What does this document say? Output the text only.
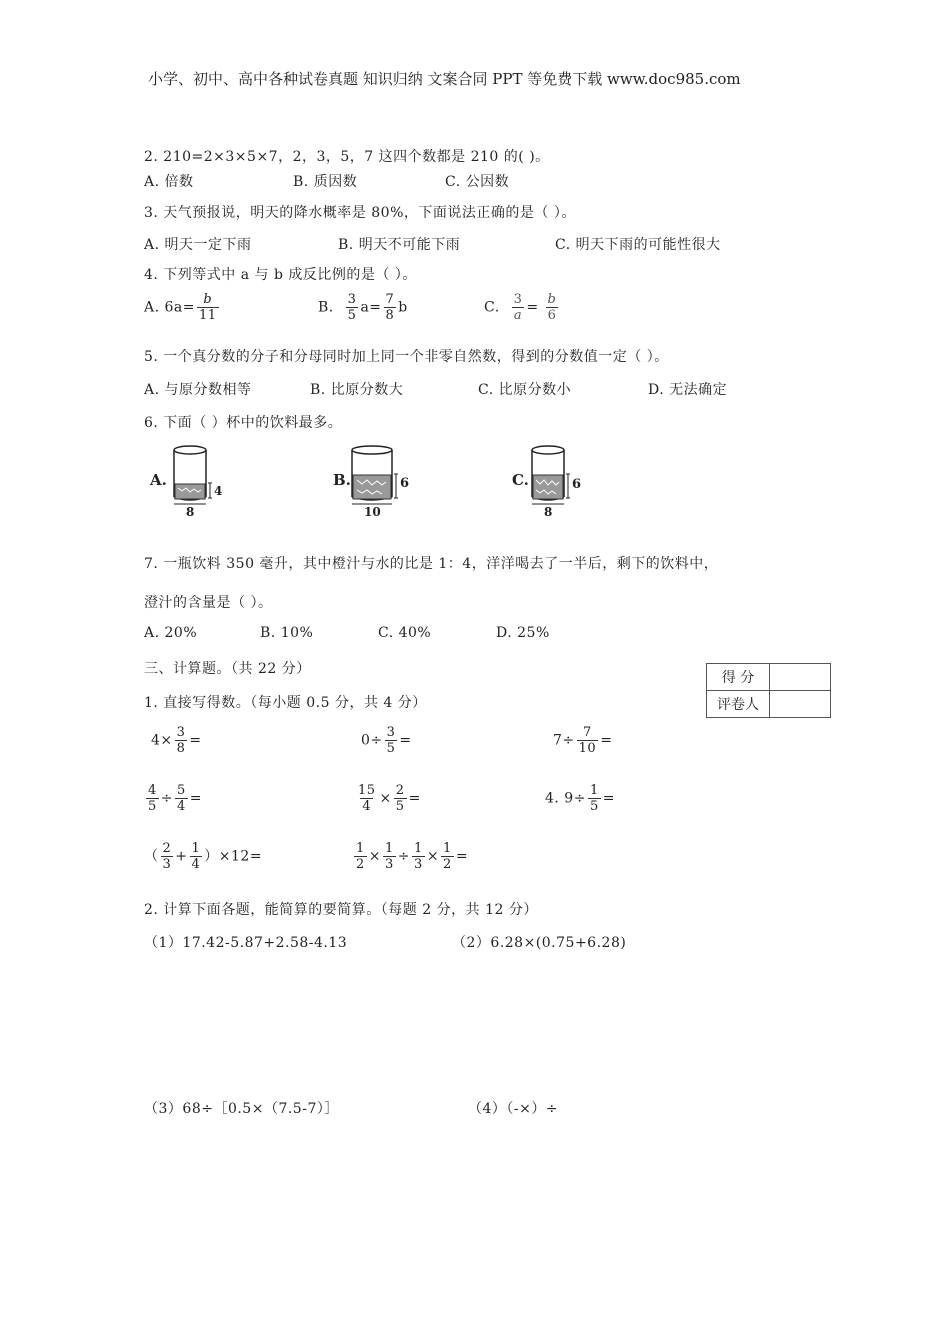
小学、初中、高中各种试卷真题 知识归纳 文案合同 PPT 等免费下载 www.doc985.com
2. 210=2×3×5×7，2，3，5，7 这四个数都是 210 的( )。
A. 倍数	B. 质因数	C. 公因数
3. 天气预报说，明天的降水概率是 80%，下面说法正确的是（ ）。
A. 明天一定下雨	B. 明天不可能下雨	C. 明天下雨的可能性很大
4. 下列等式中 a 与 b 成反比例的是（ ）。
A. $6a= \frac{b}{11}$	B. $\frac{3}{5} a= \frac{7}{8}$ b	C. $\frac{3}{a} = \frac{b}{6}$
5. 一个真分数的分子和分母同时加上同一个非零自然数，得到的分数值一定（ ）。
A. 与原分数相等	B. 比原分数大	C. 比原分数小	D. 无法确定
6. 下面（ ）杯中的饮料最多。
A.
4
8
B.	6
10
C.	6
8
7. 一瓶饮料 350 毫升，其中橙汁与水的比是 1：4，洋洋喝去了一半后，剩下的饮料中，
澄汁的含量是（ ）。
A. 20%	B. 10%	C. 40%	D. 25%
三、计算题。（共 22 分）
得 分	
评卷人	
1. 直接写得数。（每小题 0.5 分，共 4 分）
$4\times \frac{3}{8}$ =	$0\div \frac{3}{5}$ =	$7\div \frac{7}{10}$ =
$\frac{4}{5} \div \frac{5}{4}$ =	$\frac{15}{4} \times \frac{2}{5}$ =	4. $9\div \frac{1}{5}$ =
（ $\frac{2}{3} + \frac{1}{4} )\times 12=$	$\frac{1}{2} \times \frac{1}{3} \div \frac{1}{3} \times \frac{1}{2}$ =
2. 计算下面各题，能简算的要简算。（每题 2 分，共 12 分）
（1）17.42-5.87+2.58-4.13	（2）6.28×(0.75+6.28)
（3）68÷［0.5×（7.5-7）］	（4）（-×）÷
